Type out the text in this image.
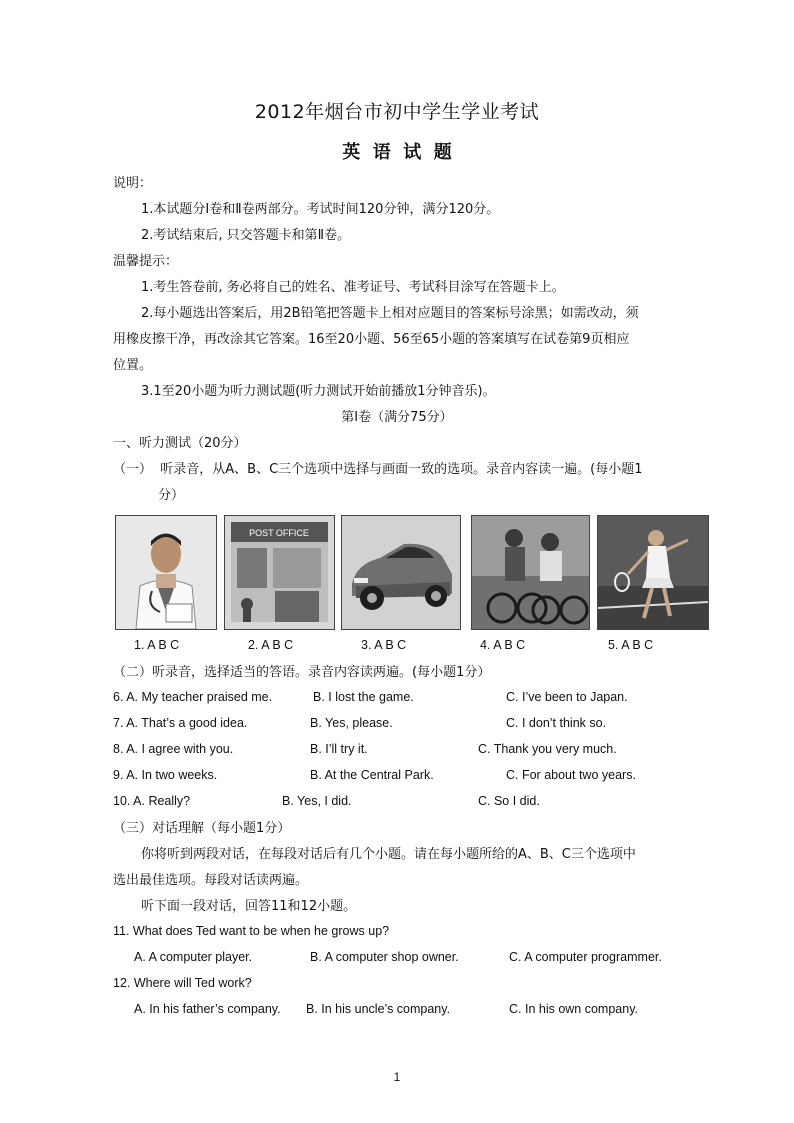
2012年烟台市初中学生学业考试
英  语  试  题
说明：
1.本试题分Ⅰ卷和Ⅱ卷两部分。考试时间120分钟，满分120分。
2.考试结束后, 只交答题卡和第Ⅱ卷。
温馨提示：
1.考生答卷前, 务必将自己的姓名、准考证号、考试科目涂写在答题卡上。
2.每小题选出答案后，用2B铅笔把答题卡上相对应题目的答案标号涂黑；如需改动，须
用橡皮擦干净，再改涂其它答案。16至20小题、56至65小题的答案填写在试卷第9页相应
位置。
3.1至20小题为听力测试题(听力测试开始前播放1分钟音乐)。
第Ⅰ卷（满分75分）
一、听力测试（20分）
（一）  听录音，从A、B、C三个选项中选择与画面一致的选项。录音内容读一遍。(每小题1
分）
POST OFFICE
1. A B C	2. A B C	3. A B C	4. A B C	5. A B C
（二）听录音，选择适当的答语。录音内容读两遍。(每小题1分）
6. A. My teacher praised me.	B. I lost the game.	C. I’ve been to Japan.
7. A. That’s a good idea.	B. Yes, please.	C. I don’t think so.
8. A. I agree with you.	B. I’ll try it.	C. Thank you very much.
9. A. In two weeks.	B. At the Central Park.	C. For about two years.
10. A. Really?	B. Yes, I did.	C. So I did.
（三）对话理解（每小题1分）
你将听到两段对话，在每段对话后有几个小题。请在每小题所给的A、B、C三个选项中
选出最佳选项。每段对话读两遍。
听下面一段对话，回答11和12小题。
11. What does Ted want to be when he grows up?
A. A computer player.	B. A computer shop owner.	C. A computer programmer.
12. Where will Ted work?
A. In his father’s company. B. In his uncle’s company.	C. In his own company.
1
